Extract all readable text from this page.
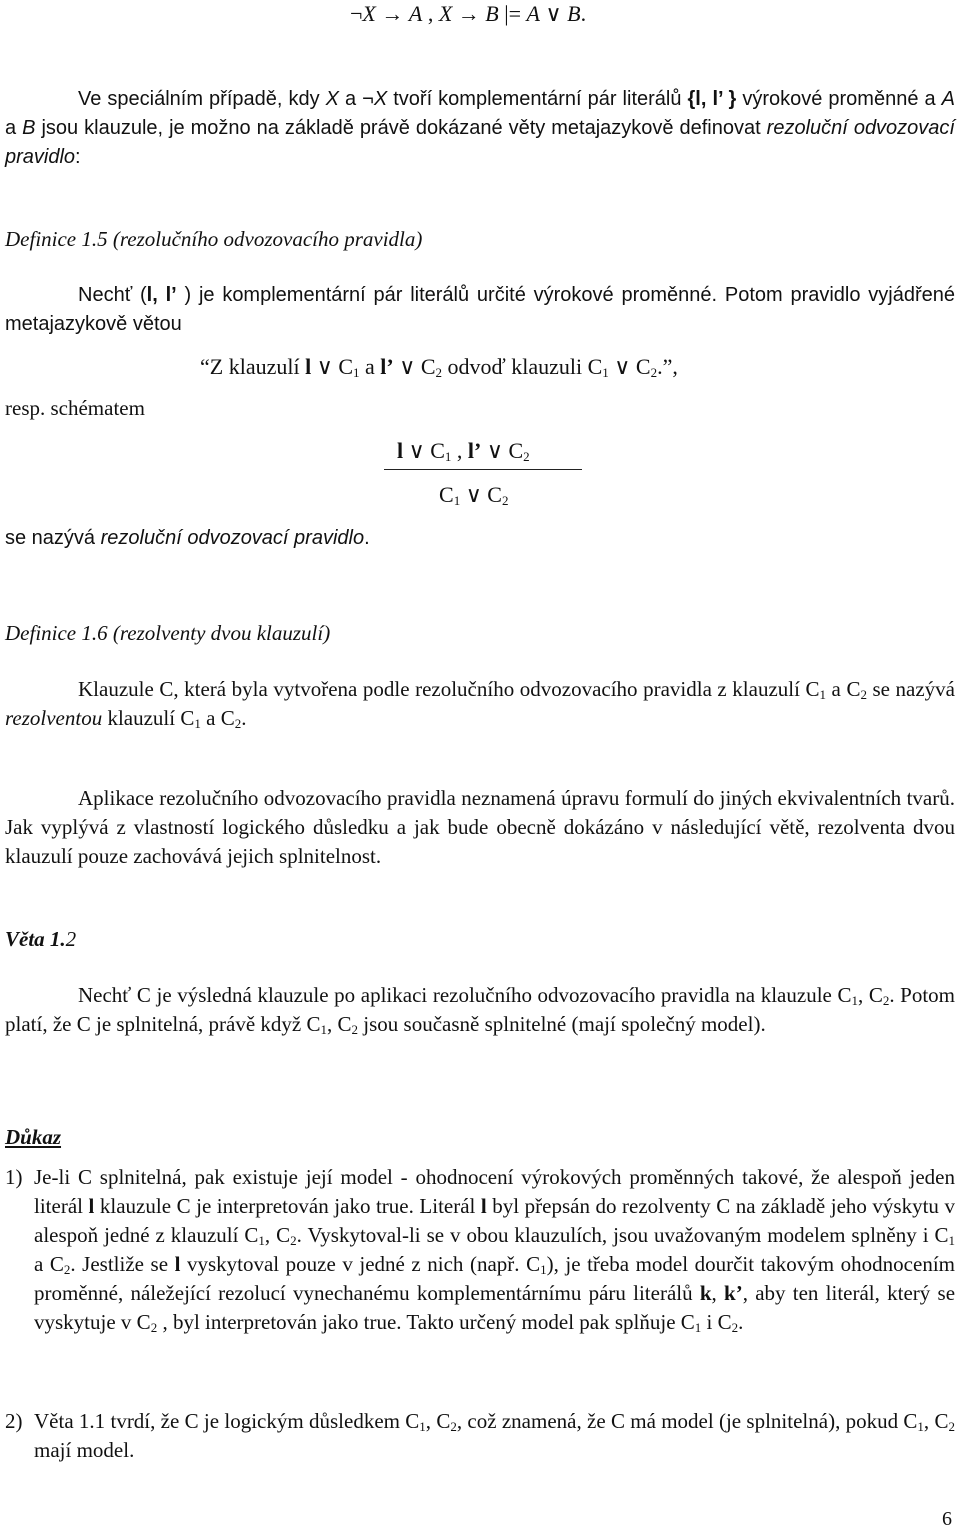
¬X → A , X → B |= A ∨ B.
Ve speciálním případě, kdy X a ¬X tvoří komplementární pár literálů {l, l’ } výrokové proměnné a A a B jsou klauzule, je možno na základě právě dokázané věty metajazykově definovat rezoluční odvozovací pravidlo:
Definice 1.5 (rezolučního odvozovacího pravidla)
Nechť (l, l’ ) je komplementární pár literálů určité výrokové proměnné. Potom pravidlo vyjádřené metajazykově větou
“Z klauzulí l ∨ $C_1$ a l’ ∨ $C_2$ odvoď klauzuli $C_1$ ∨ $C_2$.”,
resp. schématem
l ∨ $C_1$ , l’ ∨ $C_2$
$C_1$ ∨ $C_2$
se nazývá rezoluční odvozovací pravidlo.
Definice 1.6 (rezolventy dvou klauzulí)
Klauzule C, která byla vytvořena podle rezolučního odvozovacího pravidla z klauzulí $C_1$ a $C_2$ se nazývá rezolventou klauzulí $C_1$ a $C_2$.
Aplikace rezolučního odvozovacího pravidla neznamená úpravu formulí do jiných ekvivalentních tvarů. Jak vyplývá z vlastností logického důsledku a jak bude obecně dokázáno v následující větě, rezolventa dvou klauzulí pouze zachovává jejich splnitelnost.
Věta 1.2
Nechť C je výsledná klauzule po aplikaci rezolučního odvozovacího pravidla na klauzule $C_1$, $C_2$. Potom platí, že C je splnitelná, právě když $C_1$, $C_2$ jsou současně splnitelné (mají společný model).
Důkaz
1) Je-li C splnitelná, pak existuje její model - ohodnocení výrokových proměnných takové, že alespoň jeden literál l klauzule C je interpretován jako true. Literál l byl přepsán do rezolventy C na základě jeho výskytu v alespoň jedné z klauzulí $C_1$, $C_2$. Vyskytoval-li se v obou klauzulích, jsou uvažovaným modelem splněny i $C_1$ a $C_2$. Jestliže se l vyskytoval pouze v jedné z nich (např. $C_1$), je třeba model dourčit takovým ohodnocením proměnné, náležející rezolucí vynechanému komplementárnímu páru literálů k, k’, aby ten literál, který se vyskytuje v $C_2$ , byl interpretován jako true. Takto určený model pak splňuje $C_1$ i $C_2$.
2) Věta 1.1 tvrdí, že C je logickým důsledkem $C_1$, $C_2$, což znamená, že C má model (je splnitelná), pokud $C_1$, $C_2$ mají model.
6
